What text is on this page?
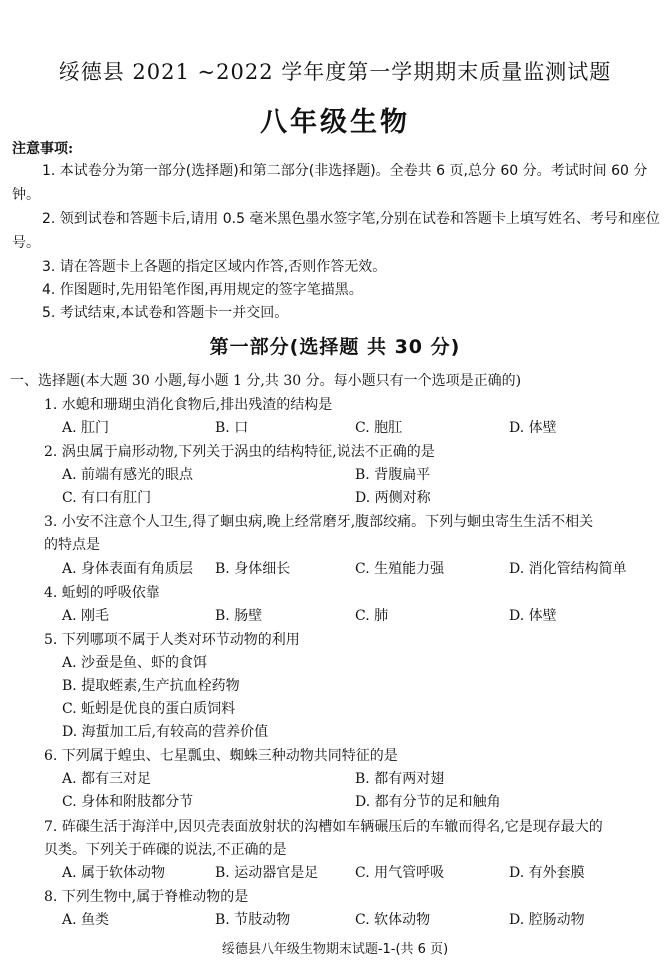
绥德县 2021 ~2022 学年度第一学期期末质量监测试题
八年级生物
注意事项:
1. 本试卷分为第一部分(选择题)和第二部分(非选择题)。全卷共 6 页,总分 60 分。考试时间 60 分钟。
2. 领到试卷和答题卡后,请用 0.5 毫米黑色墨水签字笔,分别在试卷和答题卡上填写姓名、考号和座位号。
3. 请在答题卡上各题的指定区域内作答,否则作答无效。
4. 作图题时,先用铅笔作图,再用规定的签字笔描黑。
5. 考试结束,本试卷和答题卡一并交回。
第一部分(选择题 共 30 分)
一、选择题(本大题 30 小题,每小题 1 分,共 30 分。每小题只有一个选项是正确的)
1. 水螅和珊瑚虫消化食物后,排出残渣的结构是
A. 肛门	B. 口	C. 胞肛	D. 体壁
2. 涡虫属于扁形动物,下列关于涡虫的结构特征,说法不正确的是
A. 前端有感光的眼点	B. 背腹扁平
C. 有口有肛门	D. 两侧对称
3. 小安不注意个人卫生,得了蛔虫病,晚上经常磨牙,腹部绞痛。下列与蛔虫寄生生活不相关
的特点是
A. 身体表面有角质层 B. 身体细长	C. 生殖能力强	D. 消化管结构简单
4. 蚯蚓的呼吸依靠
A. 刚毛	B. 肠壁	C. 肺	D. 体壁
5. 下列哪项不属于人类对环节动物的利用
A. 沙蚕是鱼、虾的食饵
B. 提取蛭素,生产抗血栓药物
C. 蚯蚓是优良的蛋白质饲料
D. 海蜇加工后,有较高的营养价值
6. 下列属于蝗虫、七星瓢虫、蜘蛛三种动物共同特征的是
A. 都有三对足	B. 都有两对翅
C. 身体和附肢都分节	D. 都有分节的足和触角
7. 砗磲生活于海洋中,因贝壳表面放射状的沟槽如车辆碾压后的车辙而得名,它是现存最大的
贝类。下列关于砗磲的说法,不正确的是
A. 属于软体动物	B. 运动器官是足	C. 用气管呼吸	D. 有外套膜
8. 下列生物中,属于脊椎动物的是
A. 鱼类	B. 节肢动物	C. 软体动物	D. 腔肠动物
绥德县八年级生物期末试题-1-(共 6 页)
